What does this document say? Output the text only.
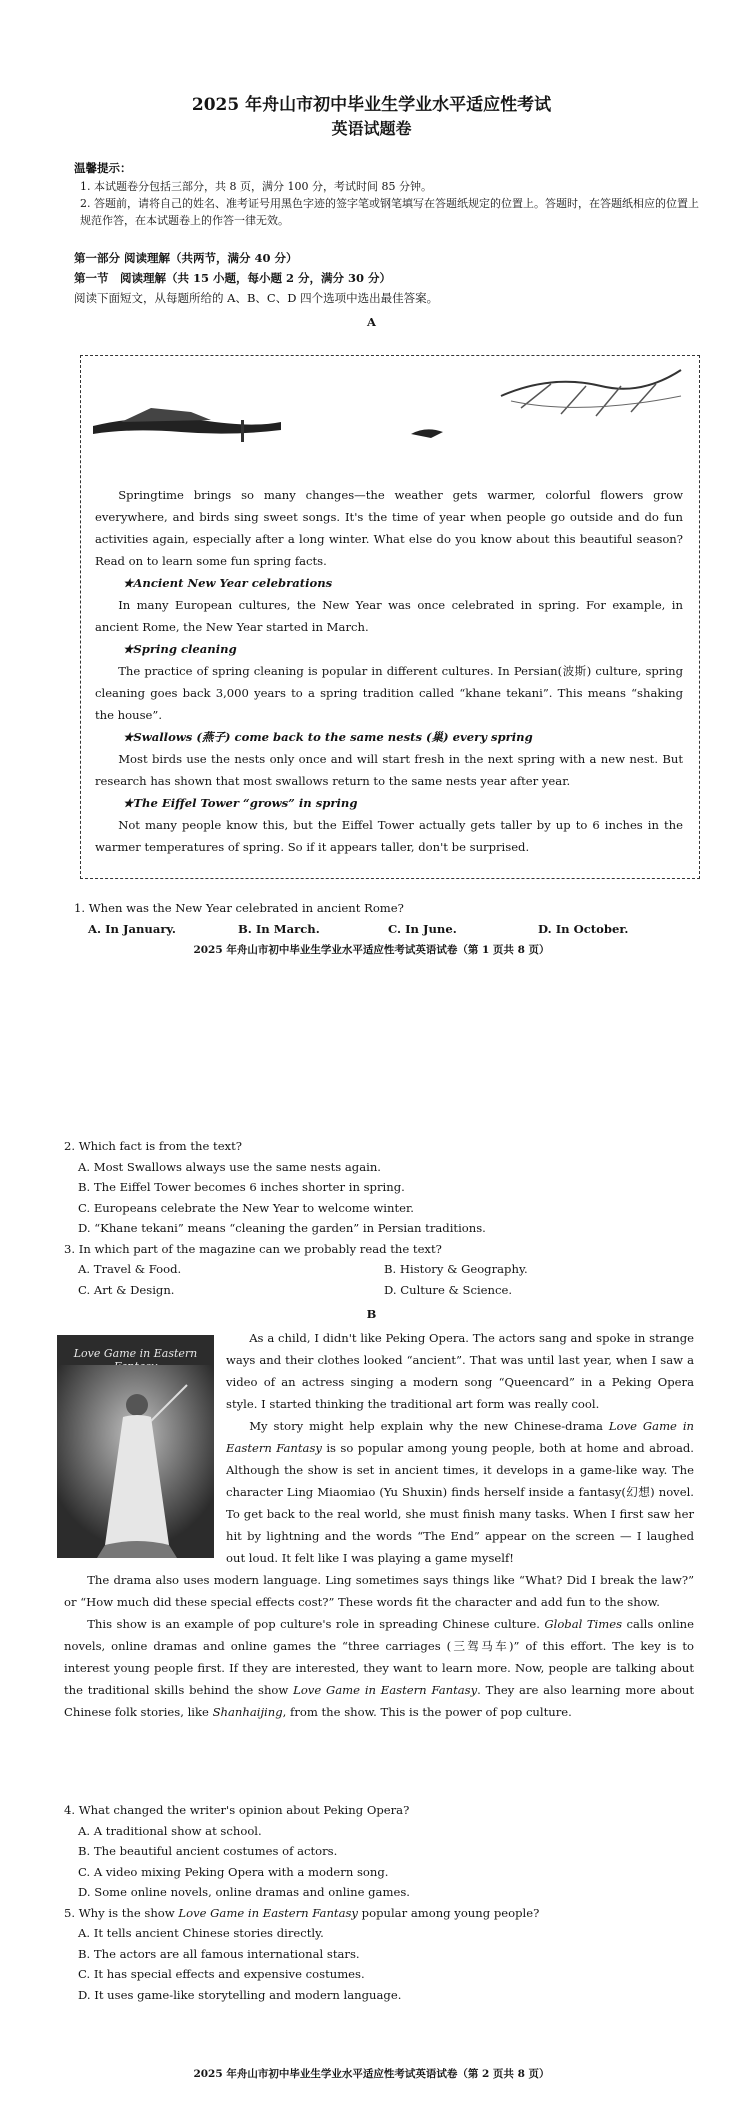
2025 年舟山市初中毕业生学业水平适应性考试
英语试题卷
温馨提示：
1. 本试题卷分包括三部分，共 8 页，满分 100 分，考试时间 85 分钟。
2. 答题前，请将自己的姓名、准考证号用黑色字迹的签字笔或钢笔填写在答题纸规定的位置上。答题时，在答题纸相应的位置上规范作答，在本试题卷上的作答一律无效。
第一部分 阅读理解（共两节，满分 40 分）
第一节　阅读理解（共 15 小题，每小题 2 分，满分 30 分）
阅读下面短文，从每题所给的 A、B、C、D 四个选项中选出最佳答案。
A

Springtime brings so many changes—the weather gets warmer, colorful flowers grow everywhere, and birds sing sweet songs. It's the time of year when people go outside and do fun activities again, especially after a long winter. What else do you know about this beautiful season? Read on to learn some fun spring facts.

★Ancient New Year celebrations

In many European cultures, the New Year was once celebrated in spring. For example, in ancient Rome, the New Year started in March.

★Spring cleaning

The practice of spring cleaning is popular in different cultures. In Persian(波斯) culture, spring cleaning goes back 3,000 years to a spring tradition called “khane tekani”. This means “shaking the house”.

★Swallows (燕子) come back to the same nests (巢) every spring

Most birds use the nests only once and will start fresh in the next spring with a new nest. But research has shown that most swallows return to the same nests year after year.

★The Eiffel Tower “grows” in spring

Not many people know this, but the Eiffel Tower actually gets taller by up to 6 inches in the warmer temperatures of spring. So if it appears taller, don't be surprised.

1. When was the New Year celebrated in ancient Rome?
A. In January.	B. In March.	C. In June.	D. In October.
2025 年舟山市初中毕业生学业水平适应性考试英语试卷（第 1 页共 8 页）
2. Which fact is from the text?
A. Most Swallows always use the same nests again.
B. The Eiffel Tower becomes 6 inches shorter in spring.
C. Europeans celebrate the New Year to welcome winter.
D. “Khane tekani” means “cleaning the garden” in Persian traditions.
3. In which part of the magazine can we probably read the text?
A. Travel & Food.	B. History & Geography.
C. Art & Design.	D. Culture & Science.
B
Love Game in Eastern

As a child, I didn't like Peking Opera. The actors sang and spoke in strange ways and their clothes looked “ancient”. That was until last year, when I saw a video of an actress singing a modern song “Queencard” in a Peking Opera style. I started thinking the traditional art form was really cool.

My story might help explain why the new Chinese-drama Love Game in Eastern Fantasy is so popular among young people, both at home and abroad. Although the show is set in ancient times, it develops in a game-like way. The character Ling Miaomiao (Yu Shuxin) finds herself inside a fantasy(幻想) novel. To get back to the real world, she must finish many tasks. When I first saw her hit by lightning and the words “The End” appear on the screen — I laughed out loud. It felt like I was playing a game myself!

The drama also uses modern language. Ling sometimes says things like “What? Did I break the law?” or “How much did these special effects cost?” These words fit the character and add fun to the show.

This show is an example of pop culture's role in spreading Chinese culture. Global Times calls online novels, online dramas and online games the “three carriages (三驾马车)” of this effort. The key is to interest young people first. If they are interested, they want to learn more. Now, people are talking about the traditional skills behind the show Love Game in Eastern Fantasy. They are also learning more about Chinese folk stories, like Shanhaijing, from the show. This is the power of pop culture.

4. What changed the writer's opinion about Peking Opera?
A. A traditional show at school.
B. The beautiful ancient costumes of actors.
C. A video mixing Peking Opera with a modern song.
D. Some online novels, online dramas and online games.
5. Why is the show Love Game in Eastern Fantasy popular among young people?
A. It tells ancient Chinese stories directly.
B. The actors are all famous international stars.
C. It has special effects and expensive costumes.
D. It uses game-like storytelling and modern language.
2025 年舟山市初中毕业生学业水平适应性考试英语试卷（第 2 页共 8 页）
